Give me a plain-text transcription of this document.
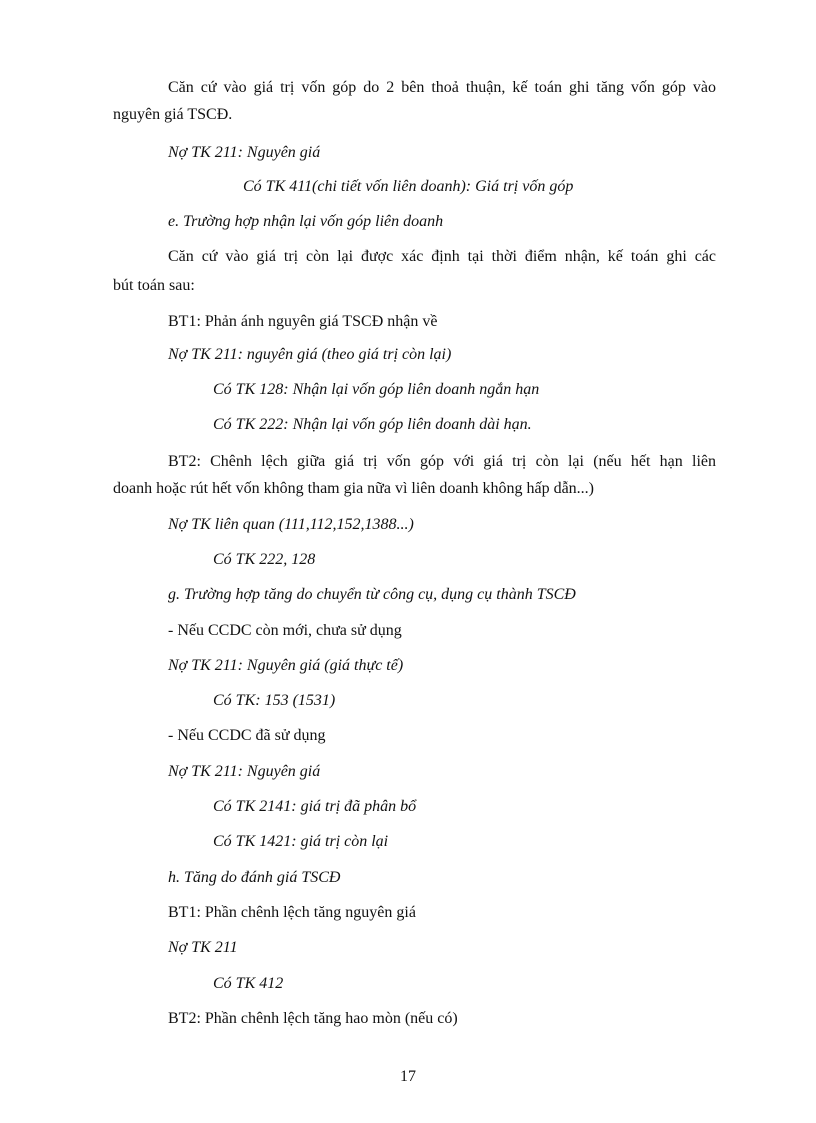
Căn cứ vào giá trị vốn góp do 2 bên thoả thuận, kế toán ghi tăng vốn góp vào
nguyên giá TSCĐ.
Nợ TK 211: Nguyên giá
Có TK 411(chi tiết vốn liên doanh): Giá trị vốn góp
e. Trường hợp nhận lại vốn góp liên doanh
Căn cứ vào giá trị còn lại được xác định tại thời điểm nhận, kế toán ghi các
bút toán sau:
BT1: Phản ánh nguyên giá TSCĐ nhận về
Nợ TK 211: nguyên giá (theo giá trị còn lại)
Có TK 128: Nhận lại vốn góp liên doanh ngắn hạn
Có TK 222: Nhận lại vốn góp liên doanh dài hạn.
BT2: Chênh lệch giữa giá trị vốn góp với giá trị còn lại (nếu hết hạn liên
doanh hoặc rút hết vốn không tham gia nữa vì liên doanh không hấp dẫn...)
Nợ TK liên quan (111,112,152,1388...)
Có TK 222, 128
g. Trường hợp tăng do chuyển từ công cụ, dụng cụ thành TSCĐ
- Nếu CCDC còn mới, chưa sử dụng
Nợ TK 211: Nguyên giá (giá thực tế)
Có TK: 153 (1531)
- Nếu CCDC đã sử dụng
Nợ TK 211: Nguyên giá
Có TK 2141: giá trị đã phân bổ
Có TK 1421: giá trị còn lại
h. Tăng do đánh giá TSCĐ
BT1: Phần chênh lệch tăng nguyên giá
Nợ TK 211
Có TK 412
BT2: Phần chênh lệch tăng hao mòn (nếu có)
17
